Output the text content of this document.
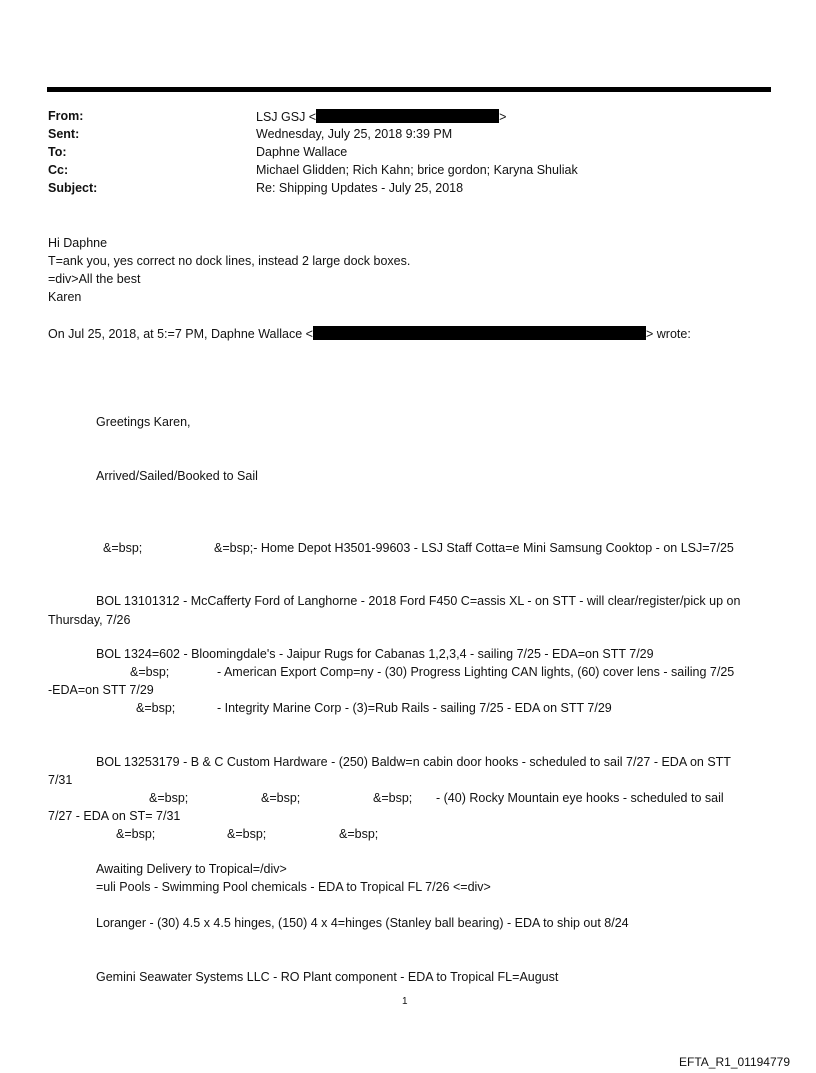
From:	LSJ GSJ <	>
Sent:	Wednesday, July 25, 2018 9:39 PM
To:	Daphne Wallace
Cc:	Michael Glidden; Rich Kahn; brice gordon; Karyna Shuliak
Subject:	Re: Shipping Updates - July 25, 2018
Hi Daphne
T=ank you, yes correct no dock lines, instead 2 large dock boxes.
=div>All the best
Karen
On Jul 25, 2018, at 5:=7 PM, Daphne Wallace <	> wrote:
Greetings Karen,
Arrived/Sailed/Booked to Sail
&=bsp;	&=bsp;- Home Depot H3501-99603 - LSJ Staff Cotta=e Mini Samsung Cooktop - on LSJ=7/25
BOL 13101312 - McCafferty Ford of Langhorne - 2018 Ford F450 C=assis XL - on STT - will clear/register/pick up on Thursday, 7/26
BOL 1324=602 - Bloomingdale's - Jaipur Rugs for Cabanas 1,2,3,4 - sailing 7/25 - EDA=on STT 7/29
&=bsp;	- American Export Comp=ny - (30) Progress Lighting CAN lights, (60) cover lens - sailing 7/25
-EDA=on STT 7/29
&=bsp;	- Integrity Marine Corp - (3)=Rub Rails - sailing 7/25 - EDA on STT 7/29
BOL 13253179 - B & C Custom Hardware - (250) Baldw=n cabin door hooks - scheduled to sail 7/27 - EDA on STT
7/31
&=bsp;	&=bsp;	&=bsp; - (40) Rocky Mountain eye hooks - scheduled to sail
7/27 - EDA on ST= 7/31
&=bsp;	&=bsp;	&=bsp;
Awaiting Delivery to Tropical=/div>
=uli Pools - Swimming Pool chemicals - EDA to Tropical FL 7/26 <=div>
Loranger - (30) 4.5 x 4.5 hinges, (150) 4 x 4=hinges (Stanley ball bearing) - EDA to ship out 8/24
Gemini Seawater Systems LLC - RO Plant component - EDA to Tropical FL=August
1
EFTA_R1_01194779
